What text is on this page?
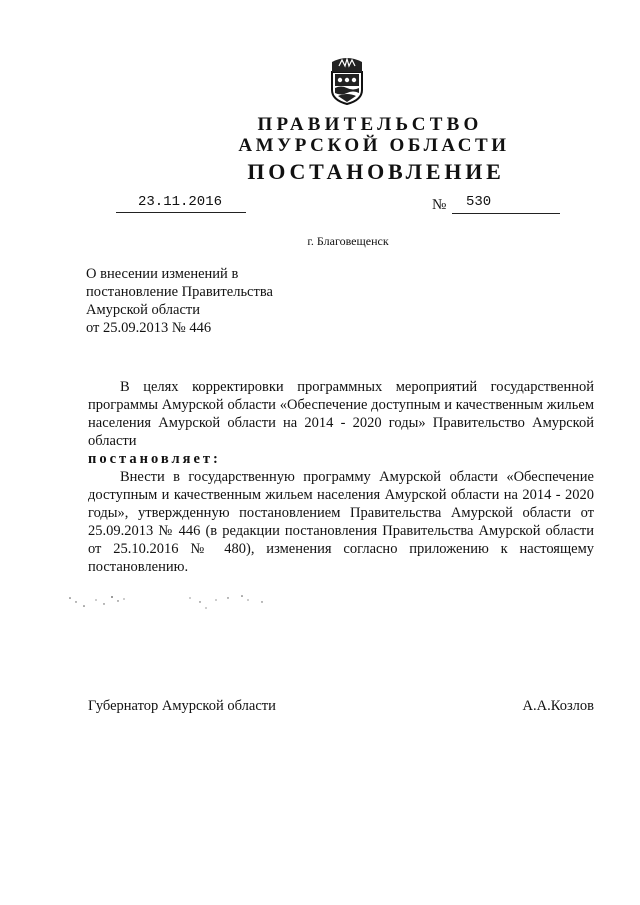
ПРАВИТЕЛЬСТВО
АМУРСКОЙ ОБЛАСТИ
ПОСТАНОВЛЕНИЕ
23.11.2016	№ 530
г. Благовещенск
О внесении изменений в
постановление Правительства
Амурской области
от 25.09.2013 № 446

В целях корректировки программных мероприятий государственной программы Амурской области «Обеспечение доступным и качественным жильем населения Амурской области на 2014 - 2020 годы» Правительство Амурской области

постановляет:

Внести в государственную программу Амурской области «Обеспечение доступным и качественным жильем населения Амурской области на 2014 - 2020 годы», утвержденную постановлением Правительства Амурской области от 25.09.2013 № 446 (в редакции постановления Правительства Амурской области от 25.10.2016 № 480), изменения согласно приложению к настоящему постановлению.

Губернатор Амурской области	А.А.Козлов
